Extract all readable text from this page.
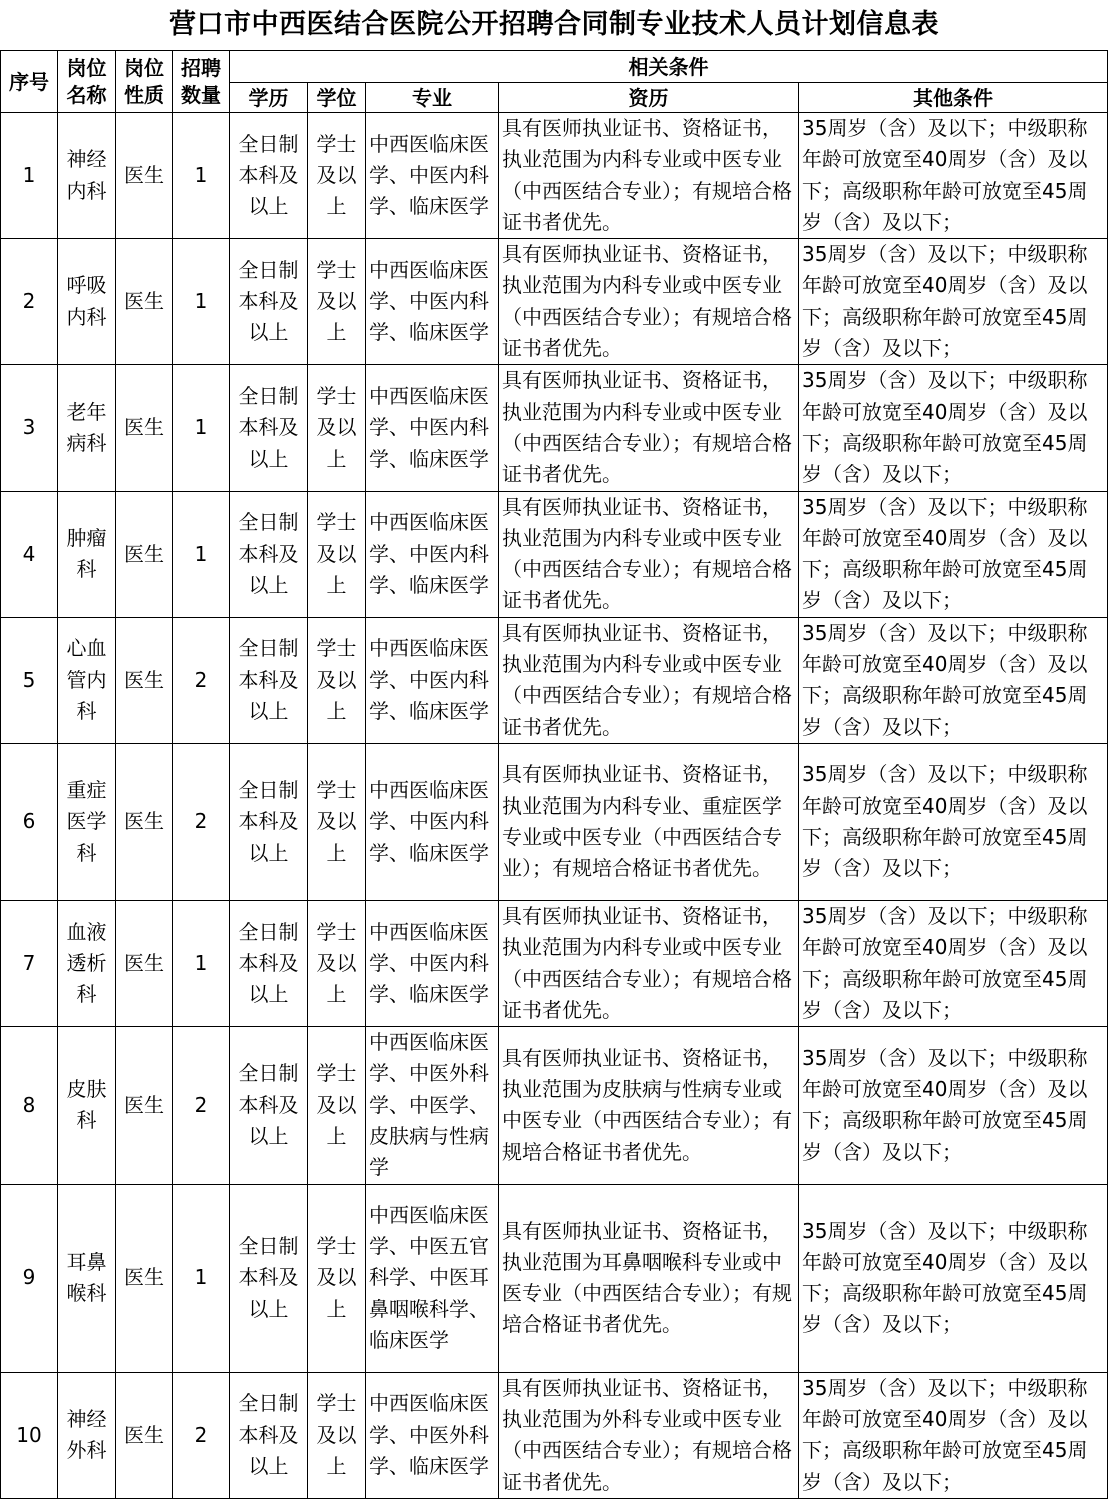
营口市中西医结合医院公开招聘合同制专业技术人员计划信息表
序号	岗位名称	岗位性质	招聘数量	相关条件				
				学历	学位	专业	资历	其他条件
1	神经内科	医生	1	全日制本科及以上	学士及以上	中西医临床医学、中医内科学、临床医学	具有医师执业证书、资格证书，执业范围为内科专业或中医专业（中西医结合专业）；有规培合格证书者优先。	35周岁（含）及以下；中级职称年龄可放宽至40周岁（含）及以下；高级职称年龄可放宽至45周岁（含）及以下；
2	呼吸内科	医生	1	全日制本科及以上	学士及以上	中西医临床医学、中医内科学、临床医学	具有医师执业证书、资格证书，执业范围为内科专业或中医专业（中西医结合专业）；有规培合格证书者优先。	35周岁（含）及以下；中级职称年龄可放宽至40周岁（含）及以下；高级职称年龄可放宽至45周岁（含）及以下；
3	老年病科	医生	1	全日制本科及以上	学士及以上	中西医临床医学、中医内科学、临床医学	具有医师执业证书、资格证书，执业范围为内科专业或中医专业（中西医结合专业）；有规培合格证书者优先。	35周岁（含）及以下；中级职称年龄可放宽至40周岁（含）及以下；高级职称年龄可放宽至45周岁（含）及以下；
4	肿瘤科	医生	1	全日制本科及以上	学士及以上	中西医临床医学、中医内科学、临床医学	具有医师执业证书、资格证书，执业范围为内科专业或中医专业（中西医结合专业）；有规培合格证书者优先。	35周岁（含）及以下；中级职称年龄可放宽至40周岁（含）及以下；高级职称年龄可放宽至45周岁（含）及以下；
5	心血管内科	医生	2	全日制本科及以上	学士及以上	中西医临床医学、中医内科学、临床医学	具有医师执业证书、资格证书，执业范围为内科专业或中医专业（中西医结合专业）；有规培合格证书者优先。	35周岁（含）及以下；中级职称年龄可放宽至40周岁（含）及以下；高级职称年龄可放宽至45周岁（含）及以下；
6	重症医学科	医生	2	全日制本科及以上	学士及以上	中西医临床医学、中医内科学、临床医学	具有医师执业证书、资格证书，执业范围为内科专业、重症医学专业或中医专业（中西医结合专业）；有规培合格证书者优先。	35周岁（含）及以下；中级职称年龄可放宽至40周岁（含）及以下；高级职称年龄可放宽至45周岁（含）及以下；
7	血液透析科	医生	1	全日制本科及以上	学士及以上	中西医临床医学、中医内科学、临床医学	具有医师执业证书、资格证书，执业范围为内科专业或中医专业（中西医结合专业）；有规培合格证书者优先。	35周岁（含）及以下；中级职称年龄可放宽至40周岁（含）及以下；高级职称年龄可放宽至45周岁（含）及以下；
8	皮肤科	医生	2	全日制本科及以上	学士及以上	中西医临床医学、中医外科学、中医学、皮肤病与性病学	具有医师执业证书、资格证书，执业范围为皮肤病与性病专业或中医专业（中西医结合专业）；有规培合格证书者优先。	35周岁（含）及以下；中级职称年龄可放宽至40周岁（含）及以下；高级职称年龄可放宽至45周岁（含）及以下；
9	耳鼻喉科	医生	1	全日制本科及以上	学士及以上	中西医临床医学、中医五官科学、中医耳鼻咽喉科学、临床医学	具有医师执业证书、资格证书，执业范围为耳鼻咽喉科专业或中医专业（中西医结合专业）；有规培合格证书者优先。	35周岁（含）及以下；中级职称年龄可放宽至40周岁（含）及以下；高级职称年龄可放宽至45周岁（含）及以下；
10	神经外科	医生	2	全日制本科及以上	学士及以上	中西医临床医学、中医外科学、临床医学	具有医师执业证书、资格证书，执业范围为外科专业或中医专业（中西医结合专业）；有规培合格证书者优先。	35周岁（含）及以下；中级职称年龄可放宽至40周岁（含）及以下；高级职称年龄可放宽至45周岁（含）及以下；
